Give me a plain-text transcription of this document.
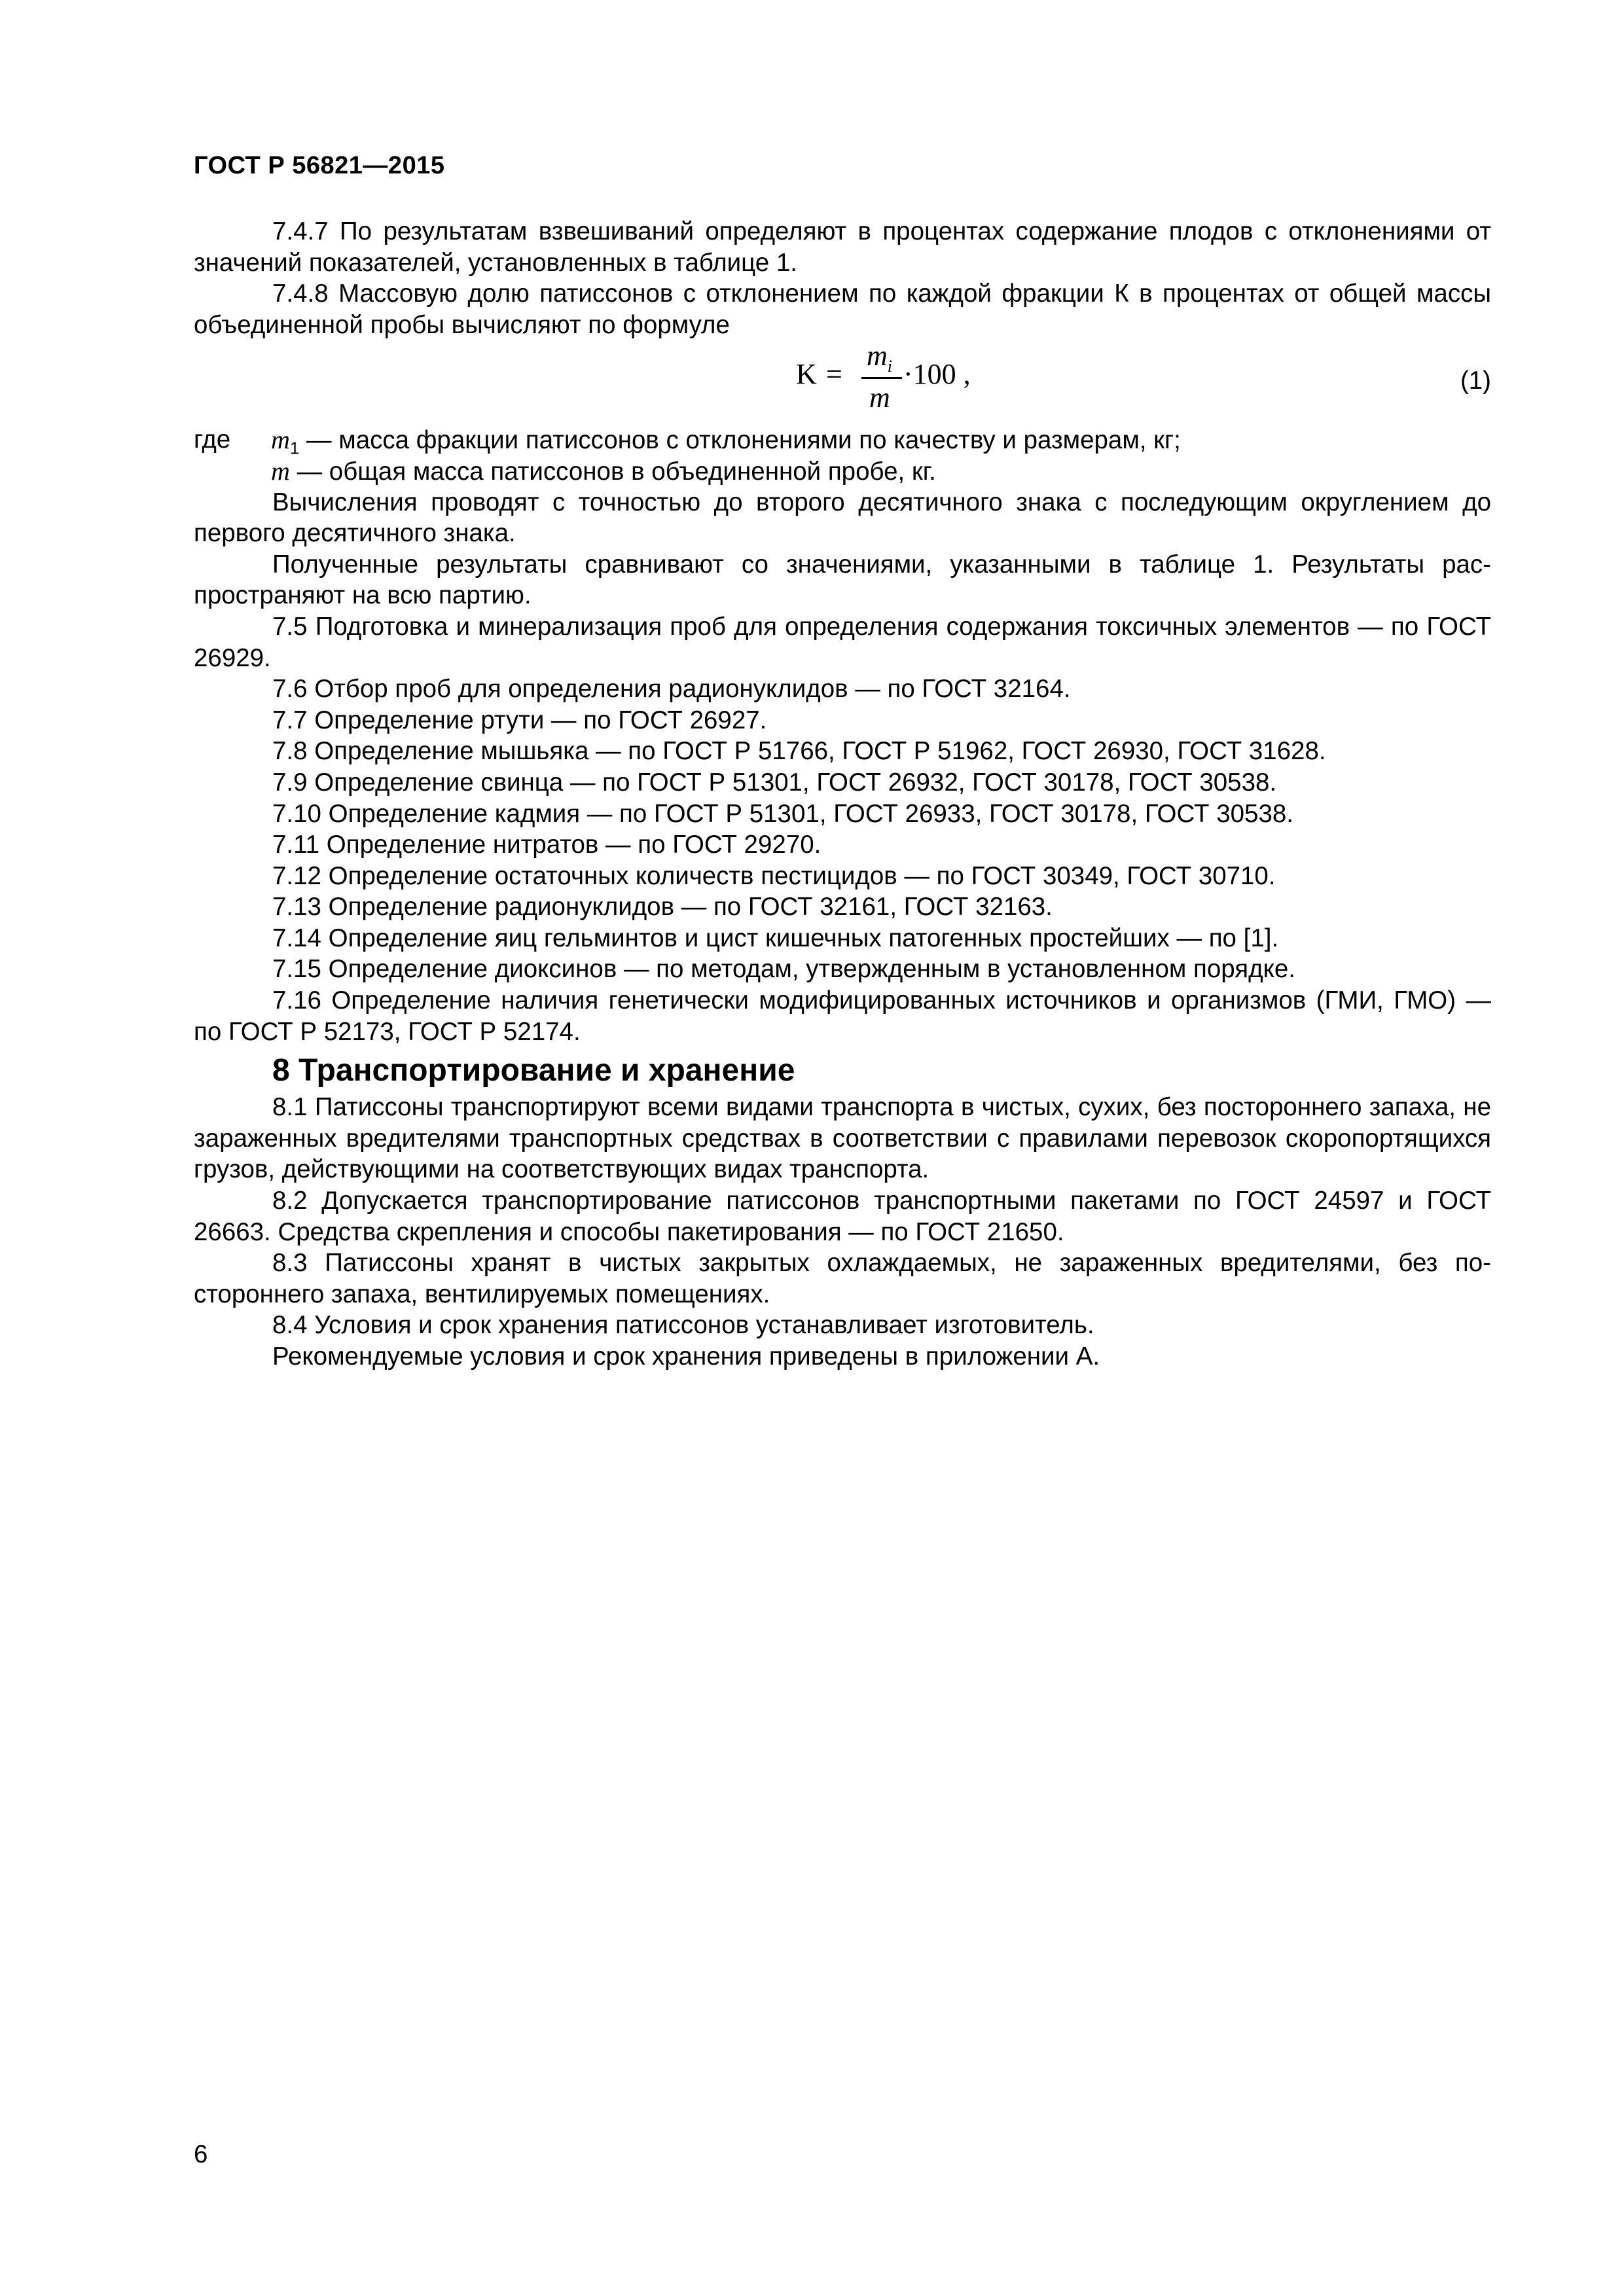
ГОСТ Р 56821—2015

7.4.7 По результатам взвешиваний определяют в процентах содержание плодов с отклонениями от значений показателей, установленных в таблице 1.

7.4.8 Массовую долю патиссонов с отклонением по каждой фракции К в процентах от общей массы объединенной пробы вычисляют по формуле

K =
$m_i$
m
·100 ,	(1)
где $m_1$ — масса фракции патиссонов с отклонениями по качеству и размерам, кг;
m — общая масса патиссонов в объединенной пробе, кг.

Вычисления проводят с точностью до второго десятичного знака с последующим округлением до первого десятичного знака.

Полученные результаты сравнивают со значениями, указанными в таблице 1. Результаты распространяют на всю партию.

7.5 Подготовка и минерализация проб для определения содержания токсичных элементов — по ГОСТ 26929.

7.6 Отбор проб для определения радионуклидов — по ГОСТ 32164.

7.7 Определение ртути — по ГОСТ 26927.

7.8 Определение мышьяка — по ГОСТ Р 51766, ГОСТ Р 51962, ГОСТ 26930, ГОСТ 31628.

7.9 Определение свинца — по ГОСТ Р 51301, ГОСТ 26932, ГОСТ 30178, ГОСТ 30538.

7.10 Определение кадмия — по ГОСТ Р 51301, ГОСТ 26933, ГОСТ 30178, ГОСТ 30538.

7.11 Определение нитратов — по ГОСТ 29270.

7.12 Определение остаточных количеств пестицидов — по ГОСТ 30349, ГОСТ 30710.

7.13 Определение радионуклидов — по ГОСТ 32161, ГОСТ 32163.

7.14 Определение яиц гельминтов и цист кишечных патогенных простейших — по [1].

7.15 Определение диоксинов — по методам, утвержденным в установленном порядке.

7.16 Определение наличия генетически модифицированных источников и организмов (ГМИ, ГМО) — по ГОСТ Р 52173, ГОСТ Р 52174.

8 Транспортирование и хранение

8.1 Патиссоны транспортируют всеми видами транспорта в чистых, сухих, без постороннего запаха, не зараженных вредителями транспортных средствах в соответствии с правилами перевозок скоропортящихся грузов, действующими на соответствующих видах транспорта.

8.2 Допускается транспортирование патиссонов транспортными пакетами по ГОСТ 24597 и ГОСТ 26663. Средства скрепления и способы пакетирования — по ГОСТ 21650.

8.3 Патиссоны хранят в чистых закрытых охлаждаемых, не зараженных вредителями, без постороннего запаха, вентилируемых помещениях.

8.4 Условия и срок хранения патиссонов устанавливает изготовитель.

Рекомендуемые условия и срок хранения приведены в приложении А.

6
